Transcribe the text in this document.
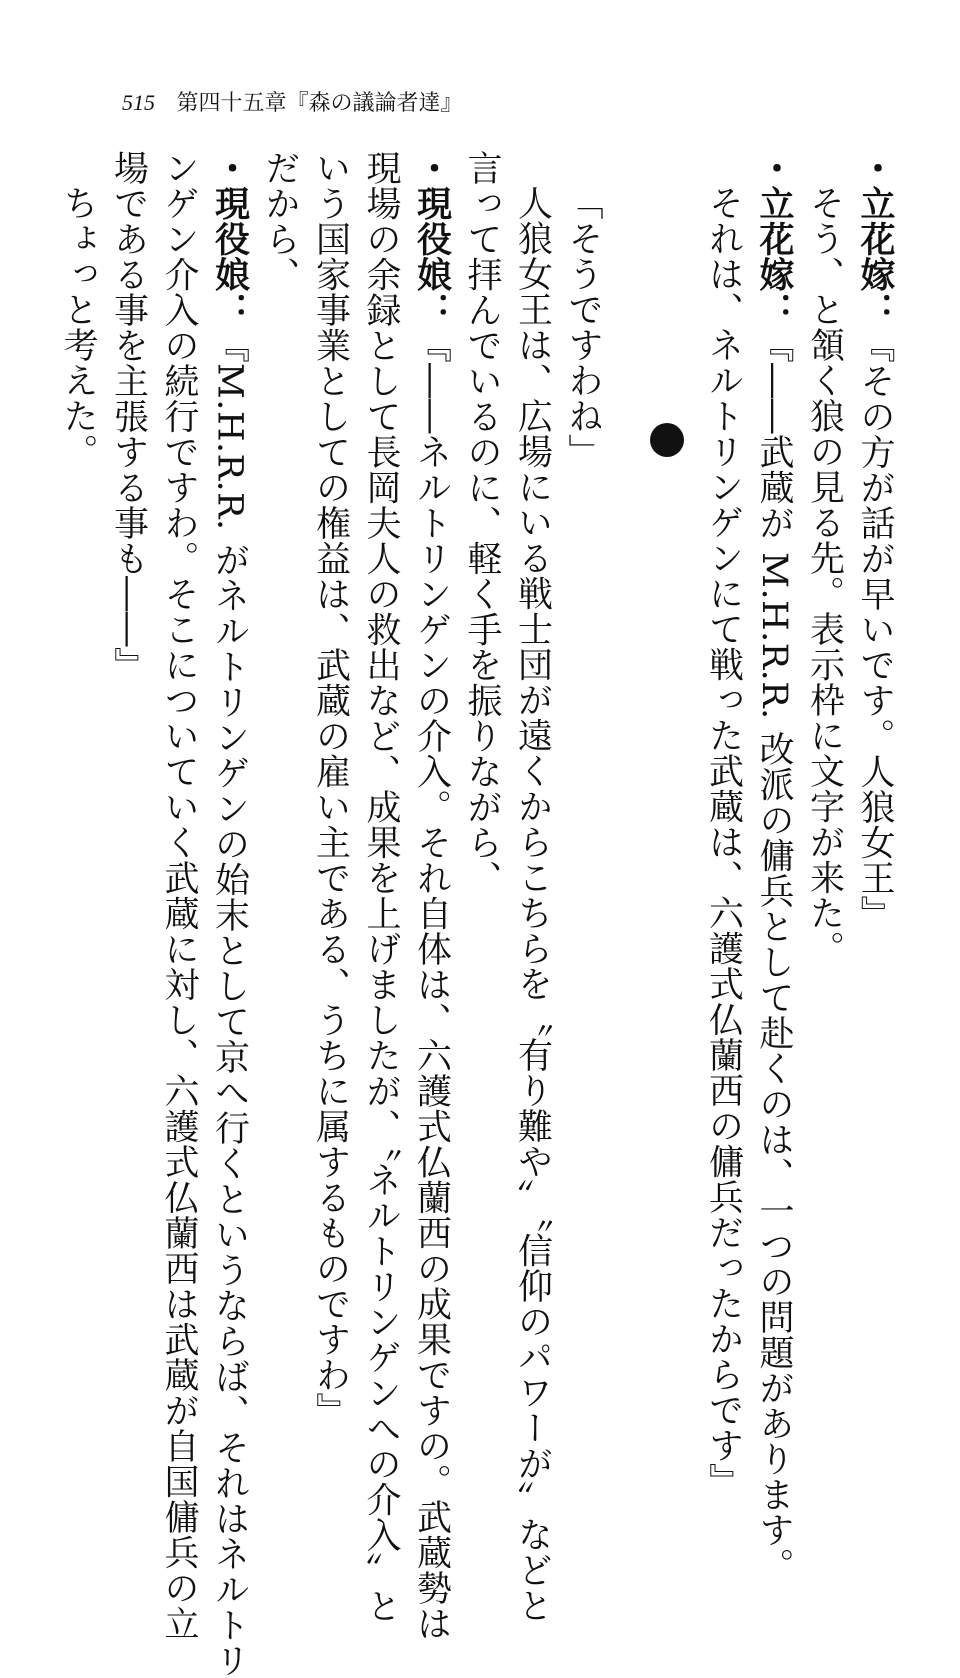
515 第四十五章『森の議論者達』
・立花嫁：『その方が話が早いです。人狼女王』
そう、と頷く狼の見る先。表示枠に文字が来た。
・立花嫁：『――武蔵が M.H.R.R. 改派の傭兵として赴くのは、一つの問題があります。
それは、ネルトリンゲンにて戦った武蔵は、六護式仏蘭西の傭兵だったからです』
「そうですわね」
人狼女王は、広場にいる戦士団が遠くからこちらを〝有り難や〟〝信仰のパワーが〟などと
言って拝んでいるのに、軽く手を振りながら、
・現役娘：『――ネルトリンゲンの介入。それ自体は、六護式仏蘭西の成果ですの。武蔵勢は
現場の余録として長岡夫人の救出など、成果を上げましたが、〝ネルトリンゲンへの介入〟と
いう国家事業としての権益は、武蔵の雇い主である、うちに属するものですわ』
だから、
・現役娘：『M.H.R.R. がネルトリンゲンの始末として京へ行くというならば、それはネルトリ
ンゲン介入の続行ですわ。そこについていく武蔵に対し、六護式仏蘭西は武蔵が自国傭兵の立
場である事を主張する事も――』
ちょっと考えた。
